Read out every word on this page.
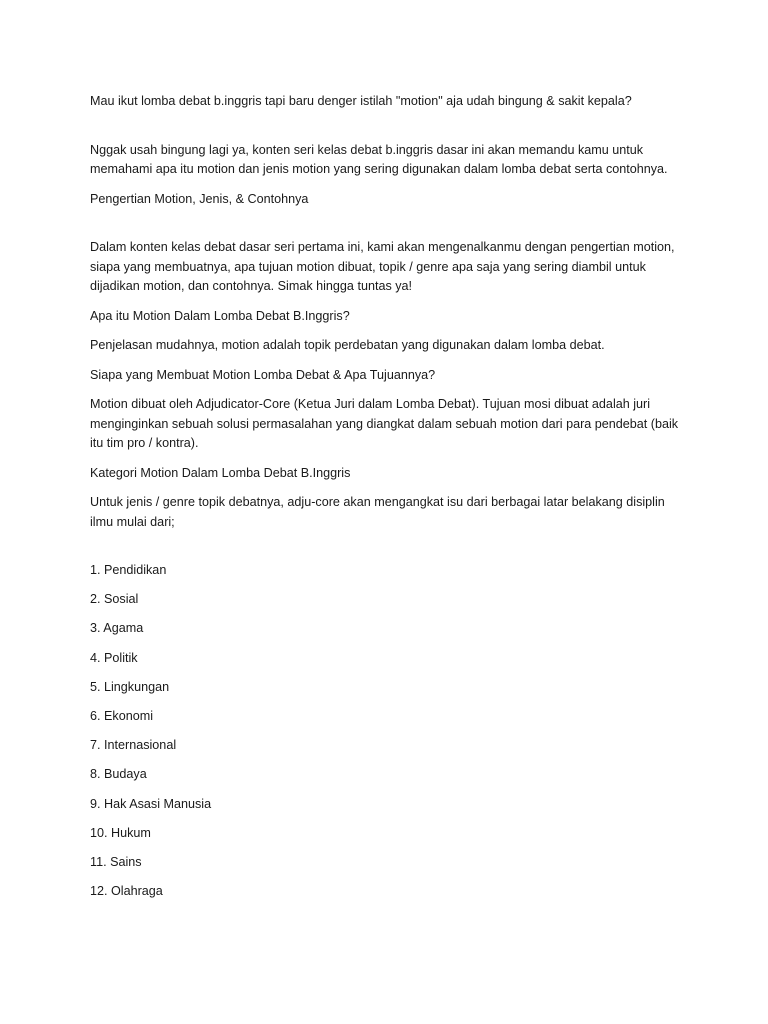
Mau ikut lomba debat b.inggris tapi baru denger istilah "motion" aja udah bingung & sakit kepala?

Nggak usah bingung lagi ya, konten seri kelas debat b.inggris dasar ini akan memandu kamu untuk memahami apa itu motion dan jenis motion yang sering digunakan dalam lomba debat serta contohnya.

Pengertian Motion, Jenis, & Contohnya

Dalam konten kelas debat dasar seri pertama ini, kami akan mengenalkanmu dengan pengertian motion, siapa yang membuatnya, apa tujuan motion dibuat, topik / genre apa saja yang sering diambil untuk dijadikan motion, dan contohnya. Simak hingga tuntas ya!

Apa itu Motion Dalam Lomba Debat B.Inggris?

Penjelasan mudahnya, motion adalah topik perdebatan yang digunakan dalam lomba debat.

Siapa yang Membuat Motion Lomba Debat & Apa Tujuannya?

Motion dibuat oleh Adjudicator-Core (Ketua Juri dalam Lomba Debat). Tujuan mosi dibuat adalah juri menginginkan sebuah solusi permasalahan yang diangkat dalam sebuah motion dari para pendebat (baik itu tim pro / kontra).

Kategori Motion Dalam Lomba Debat B.Inggris

Untuk jenis / genre topik debatnya, adju-core akan mengangkat isu dari berbagai latar belakang disiplin ilmu mulai dari;

1. Pendidikan

2. Sosial

3. Agama

4. Politik

5. Lingkungan

6. Ekonomi

7. Internasional

8. Budaya

9. Hak Asasi Manusia

10. Hukum

11. Sains

12. Olahraga
